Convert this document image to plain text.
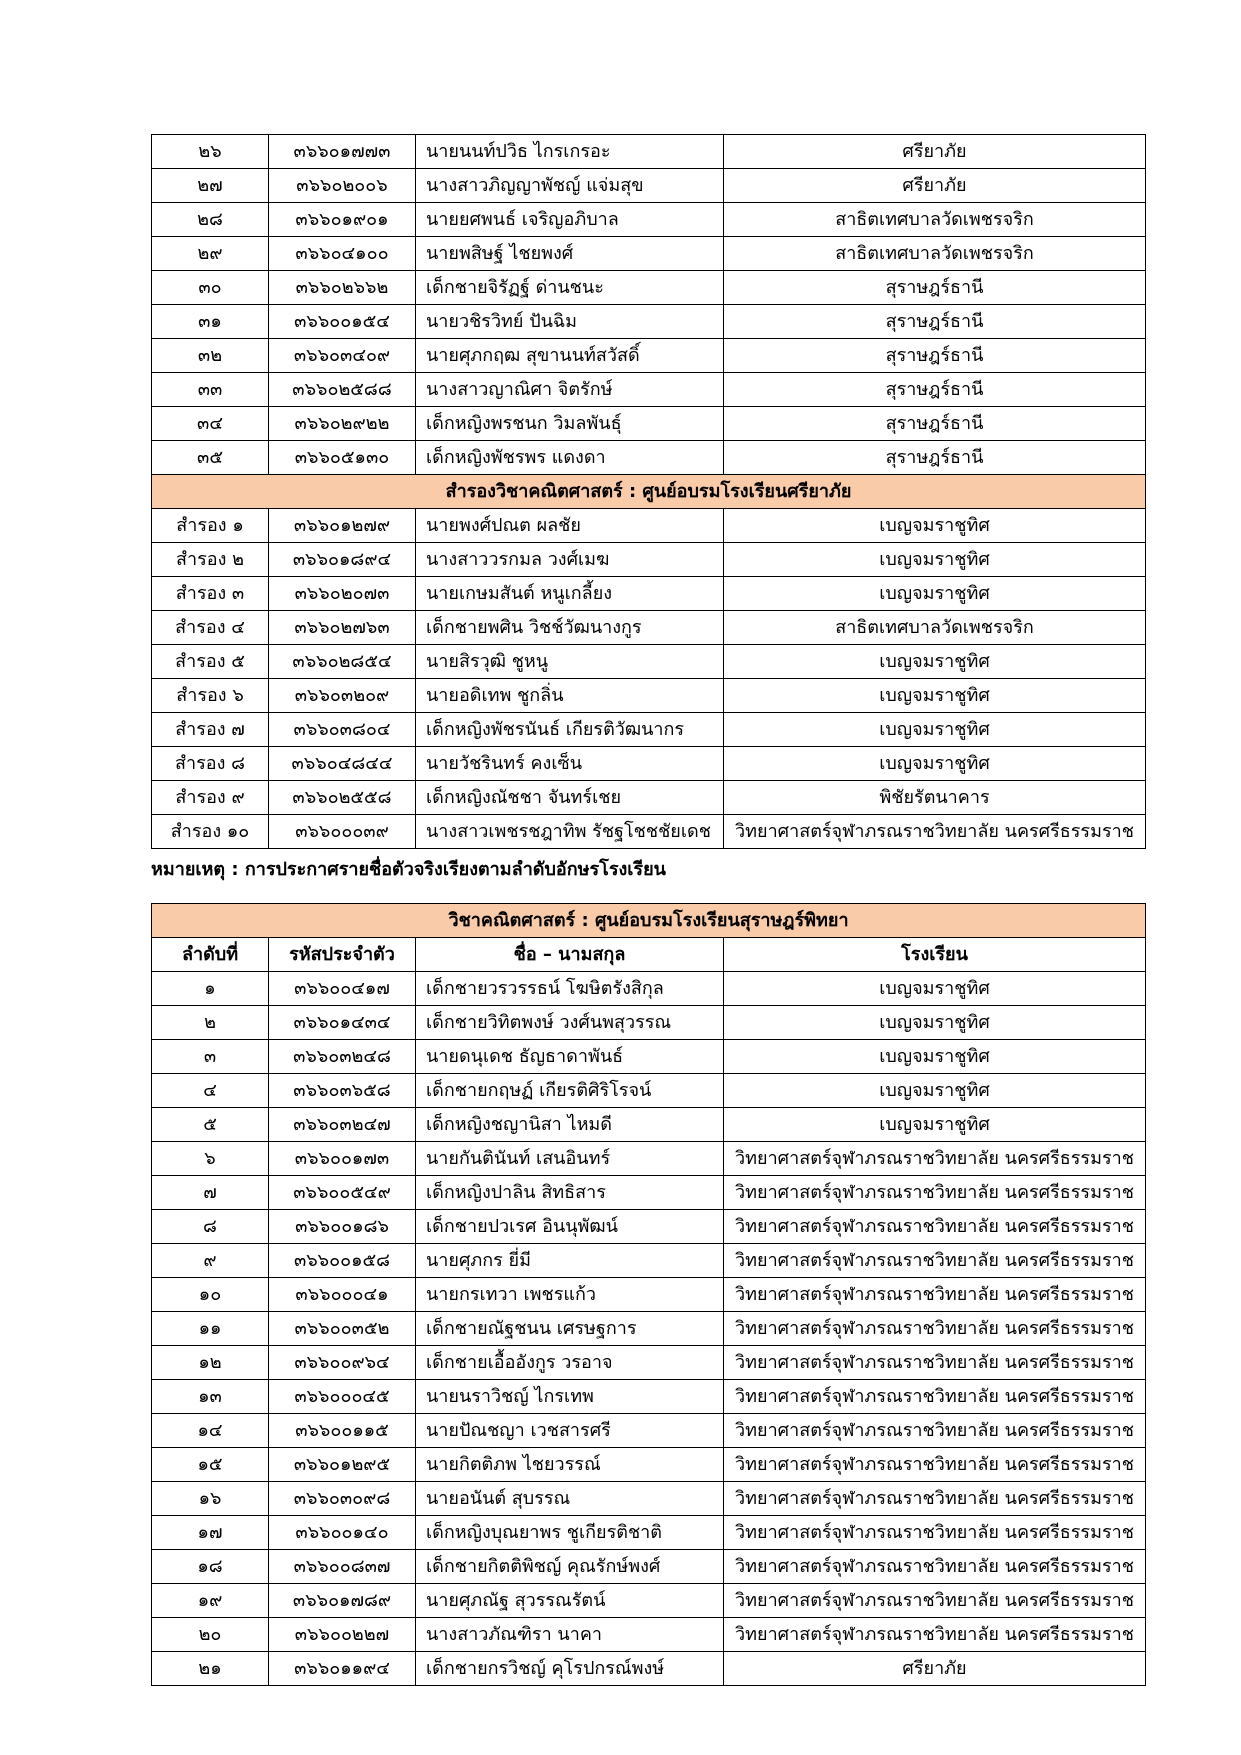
๒๖	๓๖๖๐๑๗๗๓	นายนนท์ปวิธ ไกรเกรอะ	ศรียาภัย
๒๗	๓๖๖๐๒๐๐๖	นางสาวภิญญาพัชญ์ แจ่มสุข	ศรียาภัย
๒๘	๓๖๖๐๑๙๐๑	นายยศพนธ์ เจริญอภิบาล	สาธิตเทศบาลวัดเพชรจริก
๒๙	๓๖๖๐๔๑๐๐	นายพสิษฐ์ ไชยพงศ์	สาธิตเทศบาลวัดเพชรจริก
๓๐	๓๖๖๐๒๖๖๒	เด็กชายจิรัฏฐ์ ด่านชนะ	สุราษฎร์ธานี
๓๑	๓๖๖๐๐๑๕๔	นายวชิรวิทย์ ปันฉิม	สุราษฎร์ธานี
๓๒	๓๖๖๐๓๔๐๙	นายศุภกฤฒ สุขานนท์สวัสดิ์	สุราษฎร์ธานี
๓๓	๓๖๖๐๒๕๘๘	นางสาวญาณิศา จิตรักษ์	สุราษฎร์ธานี
๓๔	๓๖๖๐๒๙๒๒	เด็กหญิงพรชนก วิมลพันธุ์	สุราษฎร์ธานี
๓๕	๓๖๖๐๕๑๓๐	เด็กหญิงพัชรพร แดงดา	สุราษฎร์ธานี
สำรองวิชาคณิตศาสตร์ : ศูนย์อบรมโรงเรียนศรียาภัย			
สำรอง ๑	๓๖๖๐๑๒๗๙	นายพงศ์ปณต ผลชัย	เบญจมราชูทิศ
สำรอง ๒	๓๖๖๐๑๘๙๔	นางสาววรกมล วงศ์เมฆ	เบญจมราชูทิศ
สำรอง ๓	๓๖๖๐๒๐๗๓	นายเกษมสันต์ หนูเกลี้ยง	เบญจมราชูทิศ
สำรอง ๔	๓๖๖๐๒๗๖๓	เด็กชายพศิน วิชช์วัฒนางกูร	สาธิตเทศบาลวัดเพชรจริก
สำรอง ๕	๓๖๖๐๒๘๕๔	นายสิรวุฒิ ชูหนู	เบญจมราชูทิศ
สำรอง ๖	๓๖๖๐๓๒๐๙	นายอดิเทพ ชูกลิ่น	เบญจมราชูทิศ
สำรอง ๗	๓๖๖๐๓๘๐๔	เด็กหญิงพัชรนันธ์ เกียรติวัฒนากร	เบญจมราชูทิศ
สำรอง ๘	๓๖๖๐๔๘๔๔	นายวัชรินทร์ คงเซ็น	เบญจมราชูทิศ
สำรอง ๙	๓๖๖๐๒๕๕๘	เด็กหญิงณัชชา จันทร์เชย	พิชัยรัตนาคาร
สำรอง ๑๐	๓๖๖๐๐๐๓๙	นางสาวเพชรชฎาทิพ รัชฐโชชชัยเดช	วิทยาศาสตร์จุฬาภรณราชวิทยาลัย นครศรีธรรมราช

หมายเหตุ : การประกาศรายชื่อตัวจริงเรียงตามลำดับอักษรโรงเรียน

วิชาคณิตศาสตร์ : ศูนย์อบรมโรงเรียนสุราษฎร์พิทยา			
ลำดับที่	รหัสประจำตัว	ชื่อ – นามสกุล	โรงเรียน
๑	๓๖๖๐๐๔๑๗	เด็กชายวรวรรธน์ โฆษิตรังสิกุล	เบญจมราชูทิศ
๒	๓๖๖๐๑๔๓๔	เด็กชายวิทิตพงษ์ วงศ์นพสุวรรณ	เบญจมราชูทิศ
๓	๓๖๖๐๓๒๔๘	นายดนุเดช ธัญธาดาพันธ์	เบญจมราชูทิศ
๔	๓๖๖๐๓๖๕๘	เด็กชายกฤษฏ์ เกียรติศิริโรจน์	เบญจมราชูทิศ
๕	๓๖๖๐๓๒๔๗	เด็กหญิงชญานิสา ไหมดี	เบญจมราชูทิศ
๖	๓๖๖๐๐๑๗๓	นายกันตินันท์ เสนอินทร์	วิทยาศาสตร์จุฬาภรณราชวิทยาลัย นครศรีธรรมราช
๗	๓๖๖๐๐๕๔๙	เด็กหญิงปาลิน สิทธิสาร	วิทยาศาสตร์จุฬาภรณราชวิทยาลัย นครศรีธรรมราช
๘	๓๖๖๐๐๑๘๖	เด็กชายปวเรศ อินนุพัฒน์	วิทยาศาสตร์จุฬาภรณราชวิทยาลัย นครศรีธรรมราช
๙	๓๖๖๐๐๑๕๘	นายศุภกร ยี่มี	วิทยาศาสตร์จุฬาภรณราชวิทยาลัย นครศรีธรรมราช
๑๐	๓๖๖๐๐๐๔๑	นายกรเทวา เพชรแก้ว	วิทยาศาสตร์จุฬาภรณราชวิทยาลัย นครศรีธรรมราช
๑๑	๓๖๖๐๐๓๕๒	เด็กชายณัฐชนน เศรษฐการ	วิทยาศาสตร์จุฬาภรณราชวิทยาลัย นครศรีธรรมราช
๑๒	๓๖๖๐๐๙๖๔	เด็กชายเอื้ออังกูร วรอาจ	วิทยาศาสตร์จุฬาภรณราชวิทยาลัย นครศรีธรรมราช
๑๓	๓๖๖๐๐๐๔๕	นายนราวิชญ์ ไกรเทพ	วิทยาศาสตร์จุฬาภรณราชวิทยาลัย นครศรีธรรมราช
๑๔	๓๖๖๐๐๑๑๕	นายปัณชญา เวชสารศรี	วิทยาศาสตร์จุฬาภรณราชวิทยาลัย นครศรีธรรมราช
๑๕	๓๖๖๐๑๒๙๕	นายกิตติภพ ไชยวรรณ์	วิทยาศาสตร์จุฬาภรณราชวิทยาลัย นครศรีธรรมราช
๑๖	๓๖๖๐๓๐๙๘	นายอนันต์ สุบรรณ	วิทยาศาสตร์จุฬาภรณราชวิทยาลัย นครศรีธรรมราช
๑๗	๓๖๖๐๐๑๔๐	เด็กหญิงบุณยาพร ชูเกียรติชาติ	วิทยาศาสตร์จุฬาภรณราชวิทยาลัย นครศรีธรรมราช
๑๘	๓๖๖๐๐๘๓๗	เด็กชายกิตติพิชญ์ คุณรักษ์พงศ์	วิทยาศาสตร์จุฬาภรณราชวิทยาลัย นครศรีธรรมราช
๑๙	๓๖๖๐๑๗๘๙	นายศุภณัฐ สุวรรณรัตน์	วิทยาศาสตร์จุฬาภรณราชวิทยาลัย นครศรีธรรมราช
๒๐	๓๖๖๐๐๒๒๗	นางสาวภัณฑิรา นาคา	วิทยาศาสตร์จุฬาภรณราชวิทยาลัย นครศรีธรรมราช
๒๑	๓๖๖๐๑๑๙๔	เด็กชายกรวิชญ์ คุโรปกรณ์พงษ์	ศรียาภัย
